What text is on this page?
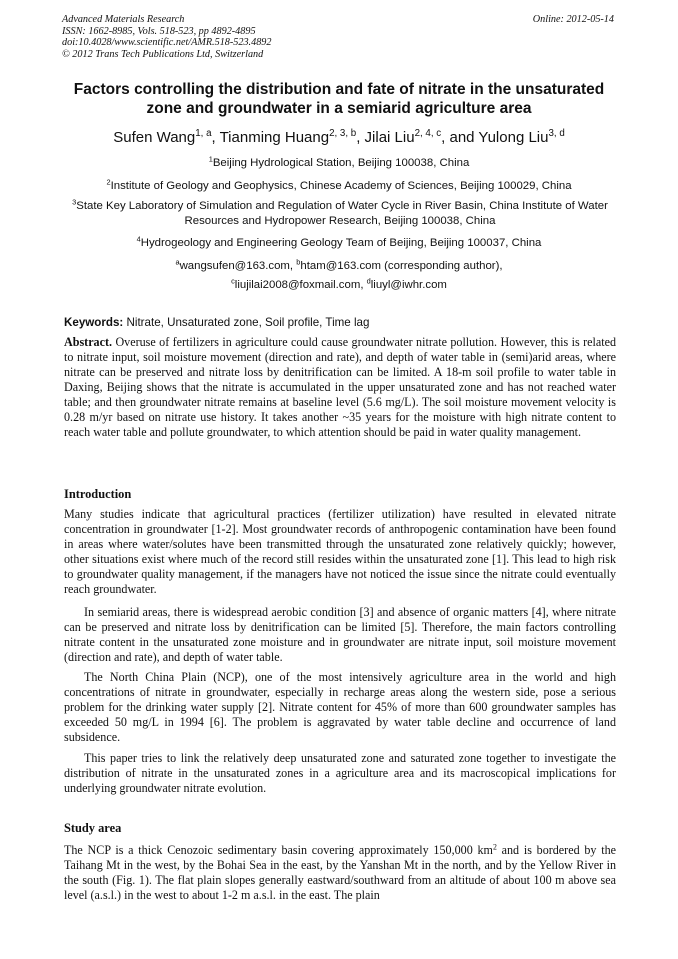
Advanced Materials Research
ISSN: 1662-8985, Vols. 518-523, pp 4892-4895
doi:10.4028/www.scientific.net/AMR.518-523.4892
© 2012 Trans Tech Publications Ltd, Switzerland
Online: 2012-05-14
Factors controlling the distribution and fate of nitrate in the unsaturated zone and groundwater in a semiarid agriculture area
Sufen Wang$^{1, a}$, Tianming Huang$^{2, 3, b}$, Jilai Liu$^{2, 4, c}$, and Yulong Liu$^{3, d}$
$^1$Beijing Hydrological Station, Beijing 100038, China
$^2$Institute of Geology and Geophysics, Chinese Academy of Sciences, Beijing 100029, China
$^3$State Key Laboratory of Simulation and Regulation of Water Cycle in River Basin, China Institute of Water Resources and Hydropower Research, Beijing 100038, China
$^4$Hydrogeology and Engineering Geology Team of Beijing, Beijing 100037, China
$^a$wangsufen@163.com, $^b$htam@163.com (corresponding author),
$^c$liujilai2008@foxmail.com, $^d$liuyl@iwhr.com
Keywords: Nitrate, Unsaturated zone, Soil profile, Time lag

Abstract. Overuse of fertilizers in agriculture could cause groundwater nitrate pollution. However, this is related to nitrate input, soil moisture movement (direction and rate), and depth of water table in (semi)arid areas, where nitrate can be preserved and nitrate loss by denitrification can be limited. A 18-m soil profile to water table in Daxing, Beijing shows that the nitrate is accumulated in the upper unsaturated zone and has not reached water table; and then groundwater nitrate remains at baseline level (5.6 mg/L). The soil moisture movement velocity is 0.28 m/yr based on nitrate use history. It takes another ~35 years for the moisture with high nitrate content to reach water table and pollute groundwater, to which attention should be paid in water quality management.

Introduction

Many studies indicate that agricultural practices (fertilizer utilization) have resulted in elevated nitrate concentration in groundwater [1-2]. Most groundwater records of anthropogenic contamination have been found in areas where water/solutes have been transmitted through the unsaturated zone relatively quickly; however, other situations exist where much of the record still resides within the unsaturated zone [1]. This lead to high risk to groundwater quality management, if the managers have not noticed the issue since the nitrate could eventually reach groundwater.

In semiarid areas, there is widespread aerobic condition [3] and absence of organic matters [4], where nitrate can be preserved and nitrate loss by denitrification can be limited [5]. Therefore, the main factors controlling nitrate content in the unsaturated zone moisture and in groundwater are nitrate input, soil moisture movement (direction and rate), and depth of water table.

The North China Plain (NCP), one of the most intensively agriculture area in the world and high concentrations of nitrate in groundwater, especially in recharge areas along the western side, pose a serious problem for the drinking water supply [2]. Nitrate content for 45% of more than 600 groundwater samples has exceeded 50 mg/L in 1994 [6]. The problem is aggravated by water table decline and occurrence of land subsidence.

This paper tries to link the relatively deep unsaturated zone and saturated zone together to investigate the distribution of nitrate in the unsaturated zones in a agriculture area and its macroscopical implications for underlying groundwater nitrate evolution.

Study area

The NCP is a thick Cenozoic sedimentary basin covering approximately 150,000 $km^2$ and is bordered by the Taihang Mt in the west, by the Bohai Sea in the east, by the Yanshan Mt in the north, and by the Yellow River in the south (Fig. 1). The flat plain slopes generally eastward/southward from an altitude of about 100 m above sea level (a.s.l.) in the west to about 1-2 m a.s.l. in the east. The plain
